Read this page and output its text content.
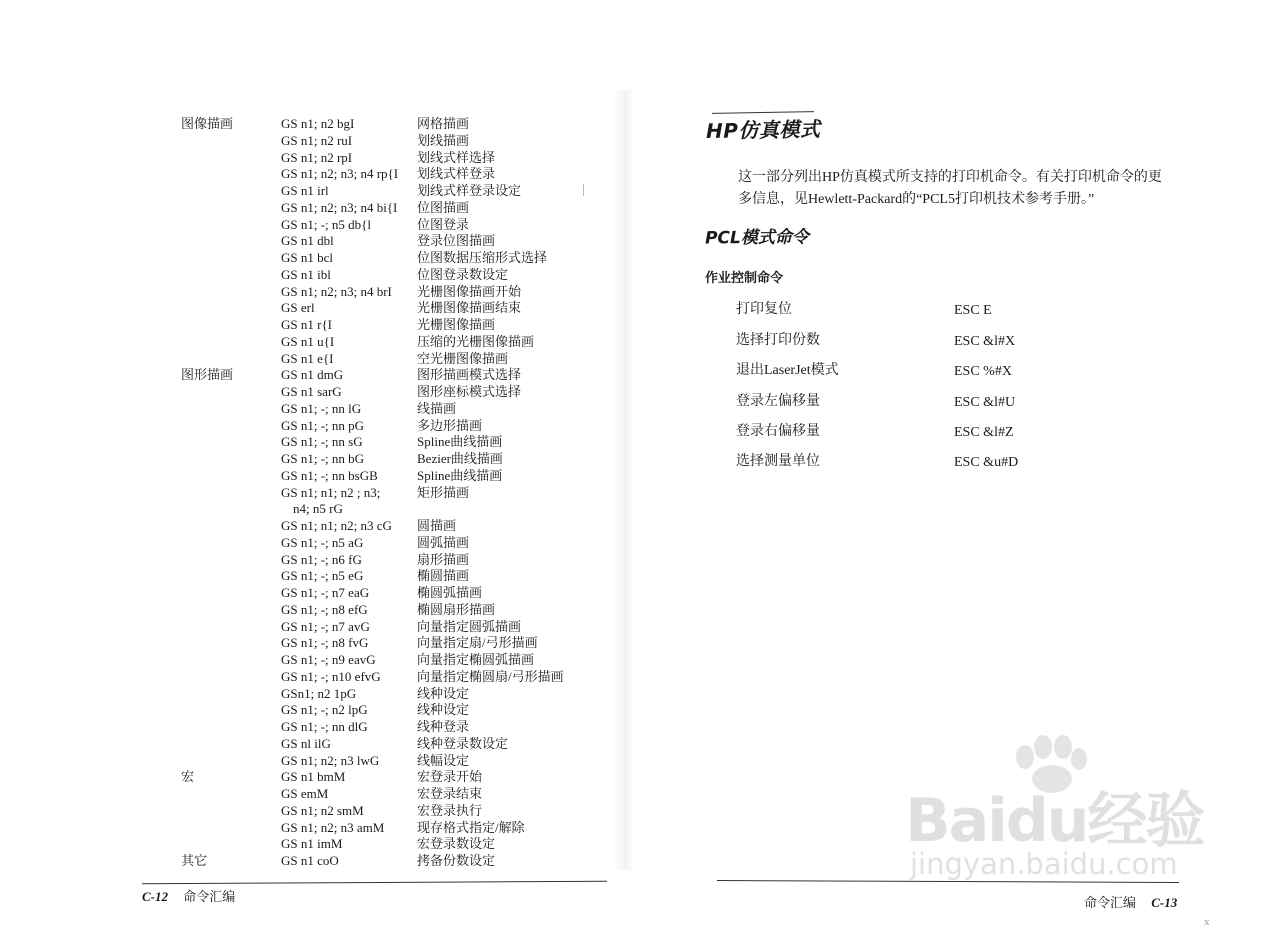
图像描画	GS n1; n2 bgI	网格描画
GS n1; n2 ruI	划线描画
GS n1; n2 rpI	划线式样选择
GS n1; n2; n3; n4 rp{I 划线式样登录
GS n1 irl	划线式样登录设定
GS n1; n2; n3; n4 bi{I 位图描画
GS n1; -; n5 db{l	位图登录
GS n1 dbl	登录位图描画
GS n1 bcl	位图数据压缩形式选择
GS n1 ibl	位图登录数设定
GS n1; n2; n3; n4 brI 光栅图像描画开始
GS erl	光栅图像描画结束
GS n1 r{I	光栅图像描画
GS n1 u{I	压缩的光栅图像描画
GS n1 e{I	空光栅图像描画
图形描画	GS n1 dmG	图形描画模式选择
GS n1 sarG	图形座标模式选择
GS n1; -; nn lG	线描画
GS n1; -; nn pG	多边形描画
GS n1; -; nn sG	Spline曲线描画
GS n1; -; nn bG	Bezier曲线描画
GS n1; -; nn bsGB	Spline曲线描画
GS n1; n1; n2 ; n3;	矩形描画
n4; n5 rG
GS n1; n1; n2; n3 cG 圆描画
GS n1; -; n5 aG	圆弧描画
GS n1; -; n6 fG	扇形描画
GS n1; -; n5 eG	椭圆描画
GS n1; -; n7 eaG	椭圆弧描画
GS n1; -; n8 efG	椭圆扇形描画
GS n1; -; n7 avG	向量指定圆弧描画
GS n1; -; n8 fvG	向量指定扇/弓形描画
GS n1; -; n9 eavG	向量指定椭圆弧描画
GS n1; -; n10 efvG	向量指定椭圆扇/弓形描画
GSn1; n2 1pG	线种设定
GS n1; -; n2 lpG	线种设定
GS n1; -; nn dlG	线种登录
GS nl ilG	线种登录数设定
GS n1; n2; n3 lwG	线幅设定
宏	GS n1 bmM	宏登录开始
GS emM	宏登录结束
GS n1; n2 smM	宏登录执行
GS n1; n2; n3 amM	现存格式指定/解除
GS n1 imM	宏登录数设定
其它	GS n1 coO	拷备份数设定
C-12 命令汇编
HP仿真模式
这一部分列出HP仿真模式所支持的打印机命令。有关打印机命令的更
多信息，见Hewlett-Packard的“PCL5打印机技术参考手册。”
PCL模式命令
作业控制命令
打印复位	ESC E
选择打印份数	ESC &l#X
退出LaserJet模式	ESC %#X
登录左偏移量	ESC &l#U
登录右偏移量	ESC &l#Z
选择测量单位	ESC &u#D
命令汇编 C-13
Baidu经验
jingyan.baidu.com
x
